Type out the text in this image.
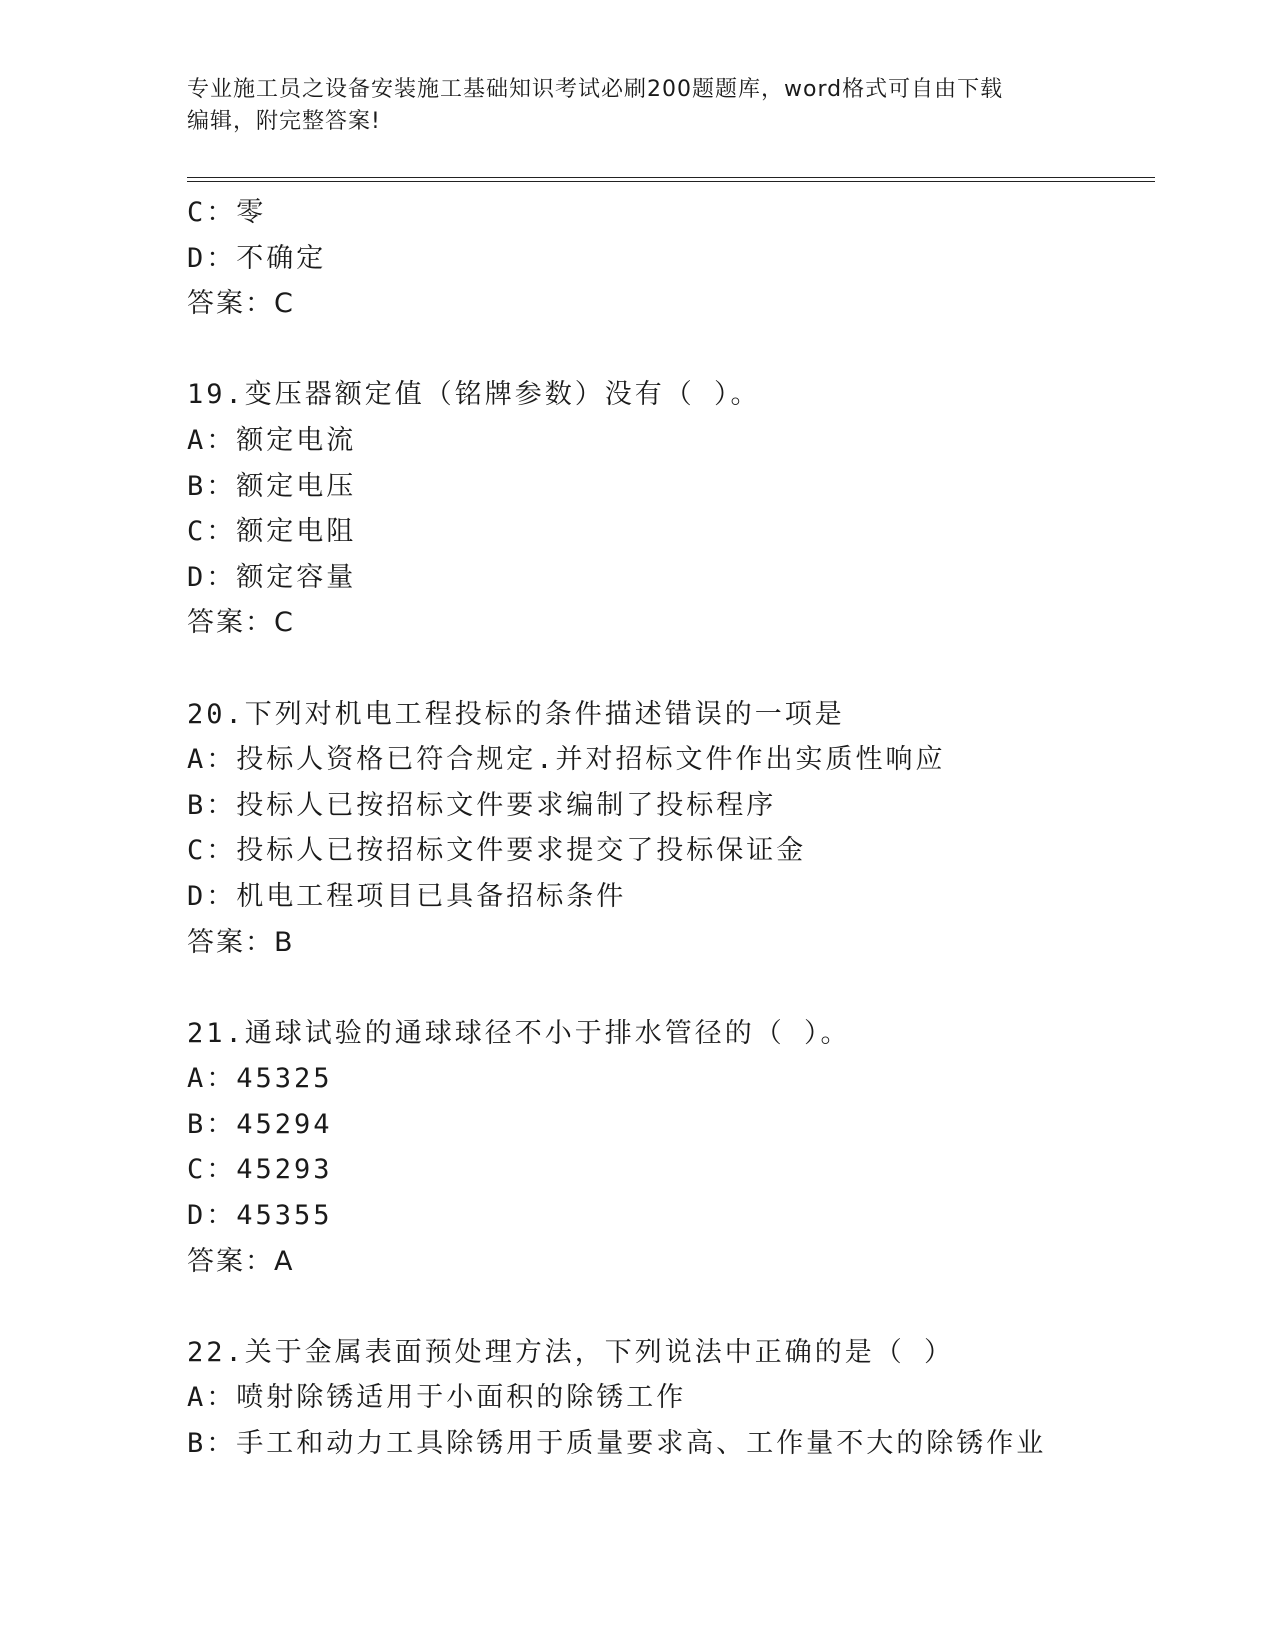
专业施工员之设备安装施工基础知识考试必刷200题题库，word格式可自由下载
编辑，附完整答案!
C：零
D：不确定
答案：C
19.变压器额定值（铭牌参数）没有（ ）。
A：额定电流
B：额定电压
C：额定电阻
D：额定容量
答案：C
20.下列对机电工程投标的条件描述错误的一项是
A：投标人资格已符合规定.并对招标文件作出实质性响应
B：投标人已按招标文件要求编制了投标程序
C：投标人已按招标文件要求提交了投标保证金
D：机电工程项目已具备招标条件
答案：B
21.通球试验的通球球径不小于排水管径的（ ）。
A：45325
B：45294
C：45293
D：45355
答案：A
22.关于金属表面预处理方法，下列说法中正确的是（ ）
A：喷射除锈适用于小面积的除锈工作
B：手工和动力工具除锈用于质量要求高、工作量不大的除锈作业
